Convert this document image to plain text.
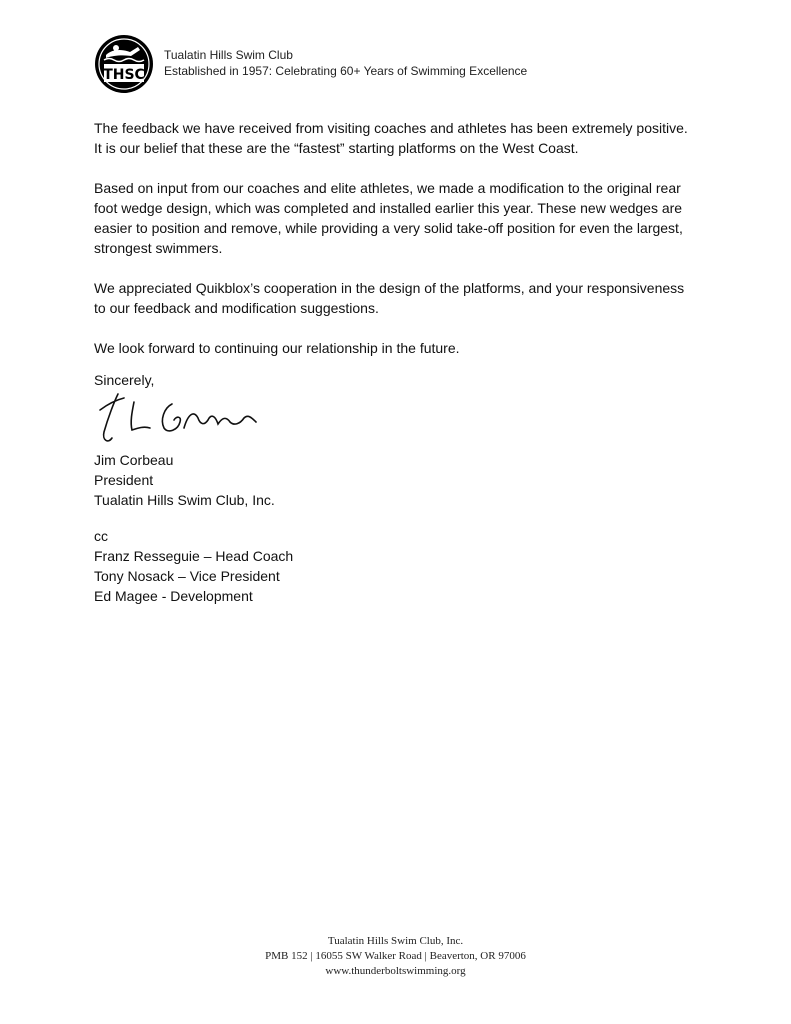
THSC
Tualatin Hills Swim Club
Established in 1957: Celebrating 60+ Years of Swimming Excellence

The feedback we have received from visiting coaches and athletes has been extremely positive. It is our belief that these are the “fastest” starting platforms on the West Coast.

Based on input from our coaches and elite athletes, we made a modification to the original rear foot wedge design, which was completed and installed earlier this year. These new wedges are easier to position and remove, while providing a very solid take-off position for even the largest, strongest swimmers.

We appreciated Quikblox’s cooperation in the design of the platforms, and your responsiveness to our feedback and modification suggestions.

We look forward to continuing our relationship in the future.

Sincerely,
Jim Corbeau
President
Tualatin Hills Swim Club, Inc.
cc
Franz Resseguie – Head Coach
Tony Nosack – Vice President
Ed Magee - Development
Tualatin Hills Swim Club, Inc.
PMB 152 | 16055 SW Walker Road | Beaverton, OR 97006
www.thunderboltswimming.org
